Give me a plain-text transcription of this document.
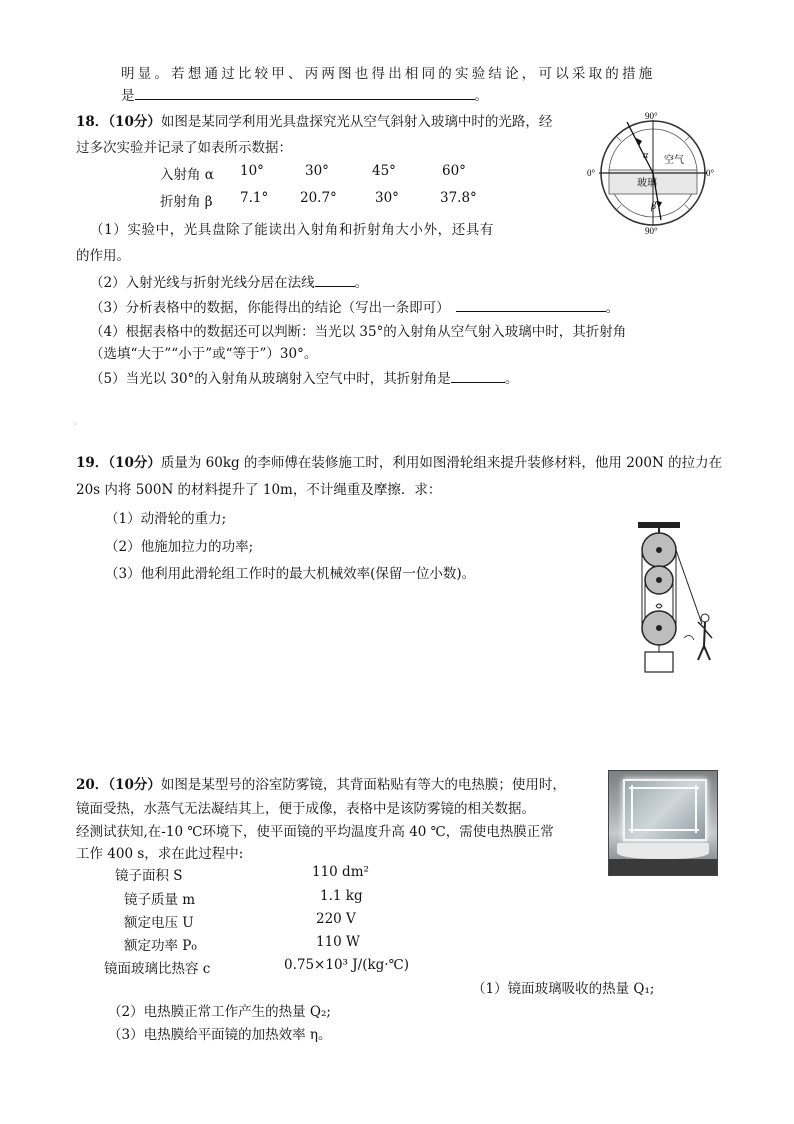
明显。若想通过比较甲、丙两图也得出相同的实验结论，可以采取的措施
是	。
18．（10分）如图是某同学利用光具盘探究光从空气斜射入玻璃中时的光路，经
过多次实验并记录了如表所示数据：
入射角 α 10°	30°	45°	60°
折射角 β 7.1° 20.7°	30°	37.8°
90°
90°
0°	0°
空气
玻璃
α
β
（1）实验中，光具盘除了能读出入射角和折射角大小外，还具有
的作用。
（2）入射光线与折射光线分居在法线	。
（3）分析表格中的数据，你能得出的结论（写出一条即可）	。
（4）根据表格中的数据还可以判断：当光以 35°的入射角从空气射入玻璃中时，其折射角
（选填“大于”“小于”或“等于”）30°。
（5）当光以 30°的入射角从玻璃射入空气中时，其折射角是	。
·
19．（10分）质量为 60kg 的李师傅在装修施工时，利用如图滑轮组来提升装修材料，他用 200N 的拉力在
20s 内将 500N 的材料提升了 10m，不计绳重及摩擦．求：
（1）动滑轮的重力;
（2）他施加拉力的功率;
（3）他利用此滑轮组工作时的最大机械效率(保留一位小数)。
20．（10分）如图是某型号的浴室防雾镜，其背面粘贴有等大的电热膜；使用时，
镜面受热，水蒸气无法凝结其上，便于成像，表格中是该防雾镜的相关数据。
经测试获知,在-10 ℃环境下，使平面镜的平均温度升高 40 ℃，需使电热膜正常
工作 400 s，求在此过程中:
镜子面积 S	110 dm²
镜子质量 m	1.1 kg
额定电压 U	220 V
额定功率 P₀	110 W
镜面玻璃比热容 c	0.75×10³ J/(kg·℃)
（1）镜面玻璃吸收的热量 Q₁;
（2）电热膜正常工作产生的热量 Q₂;
（3）电热膜给平面镜的加热效率 η。
